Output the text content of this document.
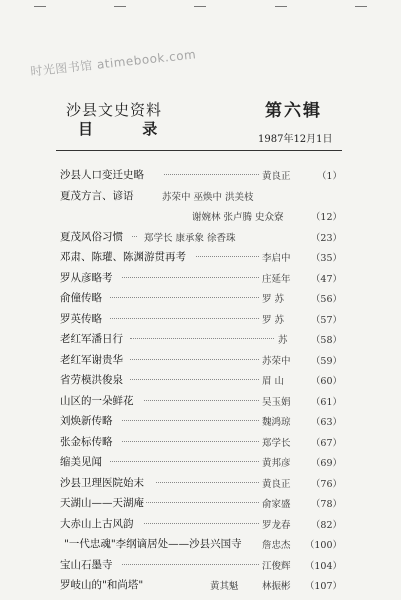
时光图书馆 atimebook.com
沙县文史资料	第六辑
目 录
1987年12月1日
沙县人口变迁史略	黄良正	（1）
夏茂方言、谚语	苏荣中 巫焕中 洪美枝
谢婉林 张卢腾 史众寮	（12）
夏茂风俗习惯 郑学长 康承象 徐香珠	（23）
邓肃、陈瓘、陈渊游贯再考	李启中 （35）
罗从彦略考	庄延年 （47）
俞僮传略	罗 苏	（56）
罗英传略	罗 苏	（57）
老红军潘日行	苏 （58）
老红军谢贵华	苏荣中 （59）
省劳模洪俊泉	眉 山	（60）
山区的一朵鲜花	吴玉娟 （61）
刘焕新传略	魏鸿琼 （63）
张金标传略	郑学长 （67）
缩美见闻	黄邦彦 （69）
沙县卫理医院始末	黄良正 （76）
天湖山——天湖庵	俞家盛 （78）
大赤山上古风韵	罗龙春 （82）
"一代忠魂"李纲谪居处——沙县兴国寺 詹忠杰 （100）
宝山石墨寺	江俊辉 （104）
罗岐山的"和尚塔"	黄其魁 林振彬 （107）
